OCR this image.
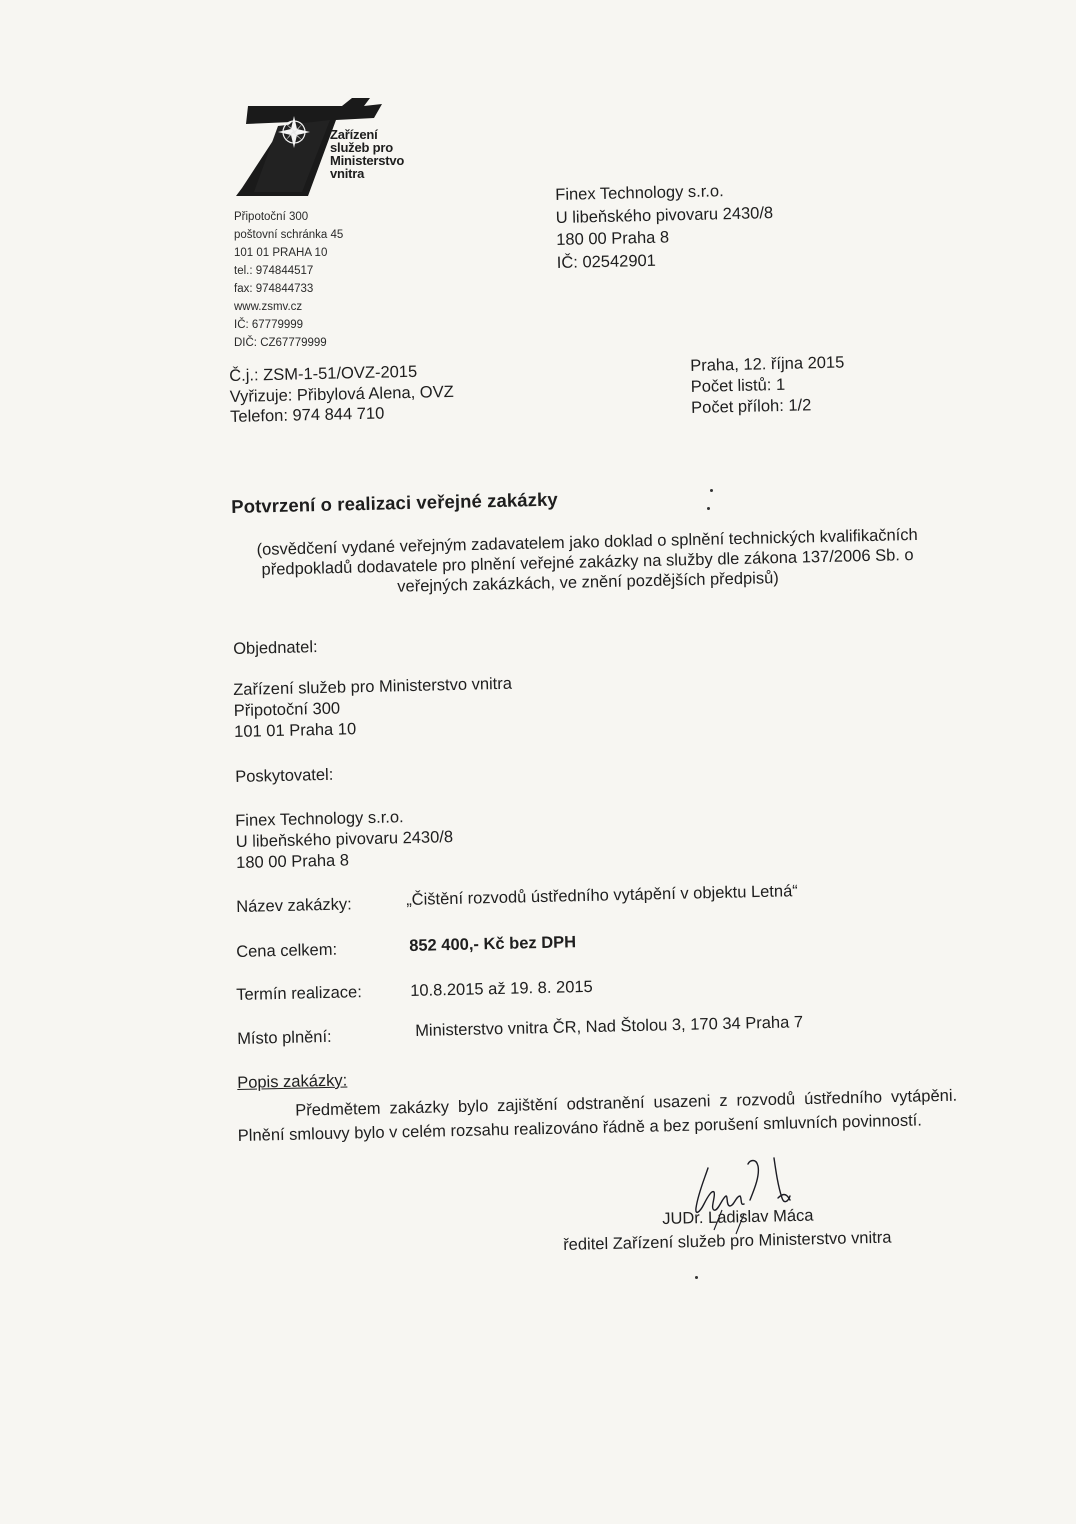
Zařízení
služeb pro
Ministerstvo
vnitra
Připotoční 300
poštovní schránka 45
101 01 PRAHA 10
tel.: 974844517
fax: 974844733
www.zsmv.cz
IČ: 67779999
DIČ: CZ67779999
Finex Technology s.r.o.
U libeňského pivovaru 2430/8
180 00 Praha 8
IČ: 02542901
Č.j.: ZSM-1-51/OVZ-2015
Vyřizuje: Přibylová Alena, OVZ
Telefon: 974 844 710
Praha, 12. října 2015
Počet listů: 1
Počet příloh: 1/2
Potvrzení o realizaci veřejné zakázky
(osvědčení vydané veřejným zadavatelem jako doklad o splnění technických kvalifikačních předpokladů dodavatele pro plnění veřejné zakázky na služby dle zákona 137/2006 Sb. o veřejných zakázkách, ve znění pozdějších předpisů)
Objednatel:
Zařízení služeb pro Ministerstvo vnitra
Připotoční 300
101 01 Praha 10
Poskytovatel:
Finex Technology s.r.o.
U libeňského pivovaru 2430/8
180 00 Praha 8
Název zakázky:	„Čištění rozvodů ústředního vytápění v objektu Letná“
Cena celkem:	852 400,- Kč bez DPH
Termín realizace:	10.8.2015 až 19. 8. 2015
Místo plnění:	Ministerstvo vnitra ČR, Nad Štolou 3, 170 34 Praha 7
Popis zakázky:
Předmětem zakázky bylo zajištění odstranění usazeni z rozvodů ústředního vytápěni. Plnění smlouvy bylo v celém rozsahu realizováno řádně a bez porušení smluvních povinností.
JUDr. Ladislav Máca
ředitel Zařízení služeb pro Ministerstvo vnitra
